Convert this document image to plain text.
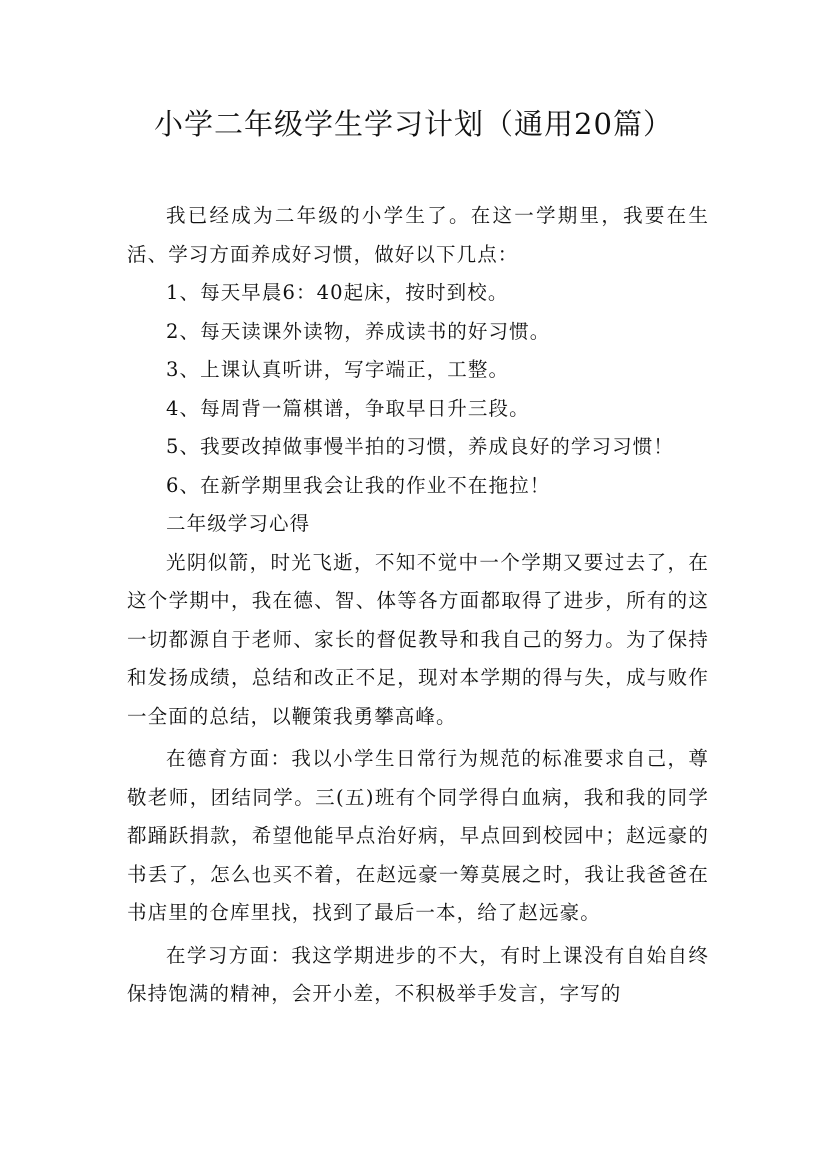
小学二年级学生学习计划（通用20篇）

我已经成为二年级的小学生了。在这一学期里，我要在生活、学习方面养成好习惯，做好以下几点：

1、每天早晨6：40起床，按时到校。

2、每天读课外读物，养成读书的好习惯。

3、上课认真听讲，写字端正，工整。

4、每周背一篇棋谱，争取早日升三段。

5、我要改掉做事慢半拍的习惯，养成良好的学习习惯！

6、在新学期里我会让我的作业不在拖拉！

二年级学习心得

光阴似箭，时光飞逝，不知不觉中一个学期又要过去了，在这个学期中，我在德、智、体等各方面都取得了进步，所有的这一切都源自于老师、家长的督促教导和我自己的努力。为了保持和发扬成绩，总结和改正不足，现对本学期的得与失，成与败作一全面的总结，以鞭策我勇攀高峰。

在德育方面：我以小学生日常行为规范的标准要求自己，尊敬老师，团结同学。三(五)班有个同学得白血病，我和我的同学都踊跃捐款，希望他能早点治好病，早点回到校园中；赵远豪的书丢了，怎么也买不着，在赵远豪一筹莫展之时，我让我爸爸在书店里的仓库里找，找到了最后一本，给了赵远豪。

在学习方面：我这学期进步的不大，有时上课没有自始自终保持饱满的精神，会开小差，不积极举手发言，字写的
